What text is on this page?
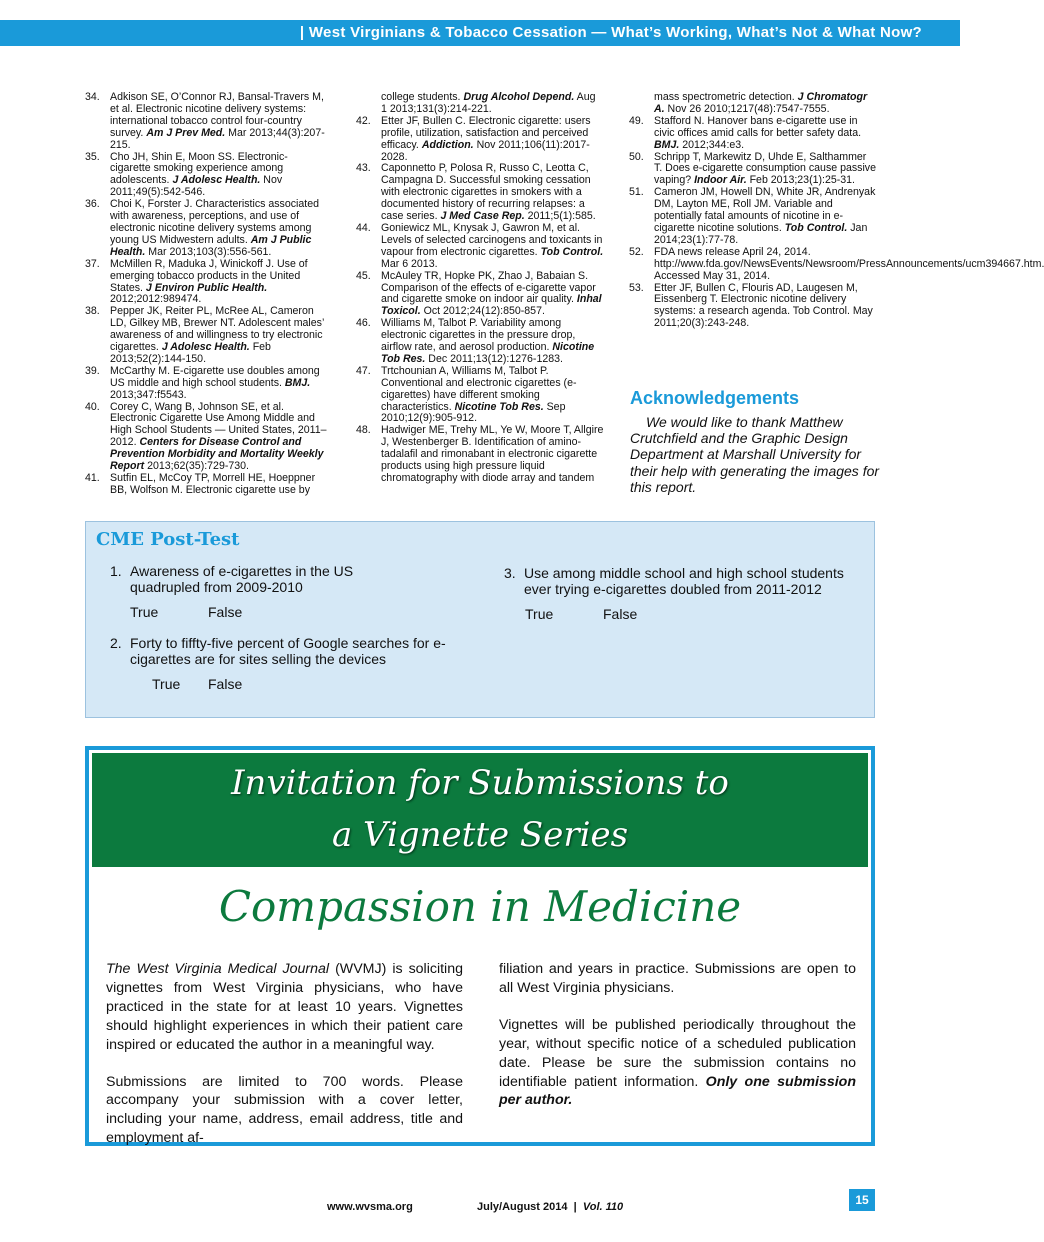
| West Virginians & Tobacco Cessation — What’s Working, What’s Not & What Now?
34. Adkison SE, O’Connor RJ, Bansal-Travers M, et al. Electronic nicotine delivery systems: international tobacco control four-country survey. Am J Prev Med. Mar 2013;44(3):207-215.
35. Cho JH, Shin E, Moon SS. Electronic-cigarette smoking experience among adolescents. J Adolesc Health. Nov 2011;49(5):542-546.
36. Choi K, Forster J. Characteristics associated with awareness, perceptions, and use of electronic nicotine delivery systems among young US Midwestern adults. Am J Public Health. Mar 2013;103(3):556-561.
37. McMillen R, Maduka J, Winickoff J. Use of emerging tobacco products in the United States. J Environ Public Health. 2012;2012:989474.
38. Pepper JK, Reiter PL, McRee AL, Cameron LD, Gilkey MB, Brewer NT. Adolescent males’ awareness of and willingness to try electronic cigarettes. J Adolesc Health. Feb 2013;52(2):144-150.
39. McCarthy M. E-cigarette use doubles among US middle and high school students. BMJ. 2013;347:f5543.
40. Corey C, Wang B, Johnson SE, et al. Electronic Cigarette Use Among Middle and High School Students — United States, 2011–2012. Centers for Disease Control and Prevention Morbidity and Mortality Weekly Report 2013;62(35):729-730.
41. Sutfin EL, McCoy TP, Morrell HE, Hoeppner BB, Wolfson M. Electronic cigarette use by
college students. Drug Alcohol Depend. Aug 1 2013;131(3):214-221.
42. Etter JF, Bullen C. Electronic cigarette: users profile, utilization, satisfaction and perceived efficacy. Addiction. Nov 2011;106(11):2017-2028.
43. Caponnetto P, Polosa R, Russo C, Leotta C, Campagna D. Successful smoking cessation with electronic cigarettes in smokers with a documented history of recurring relapses: a case series. J Med Case Rep. 2011;5(1):585.
44. Goniewicz ML, Knysak J, Gawron M, et al. Levels of selected carcinogens and toxicants in vapour from electronic cigarettes. Tob Control. Mar 6 2013.
45. McAuley TR, Hopke PK, Zhao J, Babaian S. Comparison of the effects of e-cigarette vapor and cigarette smoke on indoor air quality. Inhal Toxicol. Oct 2012;24(12):850-857.
46. Williams M, Talbot P. Variability among electronic cigarettes in the pressure drop, airflow rate, and aerosol production. Nicotine Tob Res. Dec 2011;13(12):1276-1283.
47. Trtchounian A, Williams M, Talbot P. Conventional and electronic cigarettes (e-cigarettes) have different smoking characteristics. Nicotine Tob Res. Sep 2010;12(9):905-912.
48. Hadwiger ME, Trehy ML, Ye W, Moore T, Allgire J, Westenberger B. Identification of amino-tadalafil and rimonabant in electronic cigarette products using high pressure liquid chromatography with diode array and tandem
mass spectrometric detection. J Chromatogr A. Nov 26 2010;1217(48):7547-7555.
49. Stafford N. Hanover bans e-cigarette use in civic offices amid calls for better safety data. BMJ. 2012;344:e3.
50. Schripp T, Markewitz D, Uhde E, Salthammer T. Does e-cigarette consumption cause passive vaping? Indoor Air. Feb 2013;23(1):25-31.
51. Cameron JM, Howell DN, White JR, Andrenyak DM, Layton ME, Roll JM. Variable and potentially fatal amounts of nicotine in e-cigarette nicotine solutions. Tob Control. Jan 2014;23(1):77-78.
52. FDA news release April 24, 2014. http://www.fda.gov/NewsEvents/Newsroom/PressAnnouncements/ucm394667.htm. Accessed May 31, 2014.
53. Etter JF, Bullen C, Flouris AD, Laugesen M, Eissenberg T. Electronic nicotine delivery systems: a research agenda. Tob Control. May 2011;20(3):243-248.
Acknowledgements

We would like to thank Matthew Crutchfield and the Graphic Design Department at Marshall University for their help with generating the images for this report.

CME Post-Test
1. Awareness of e-cigarettes in the US quadrupled from 2009-2010
True	False
2. Forty to fiffty-five percent of Google searches for e-cigarettes are for sites selling the devices
True False
3. Use among middle school and high school students ever trying e-cigarettes doubled from 2011-2012
True	False
Invitation for Submissions to
a Vignette Series
Compassion in Medicine

The West Virginia Medical Journal (WVMJ) is soliciting vignettes from West Virginia physicians, who have practiced in the state for at least 10 years. Vignettes should highlight experiences in which their patient care inspired or educated the author in a meaningful way.

Submissions are limited to 700 words. Please accompany your submission with a cover letter, including your name, address, email address, title and employment af-

filiation and years in practice. Submissions are open to all West Virginia physicians.

Vignettes will be published periodically throughout the year, without specific notice of a scheduled publication date. Please be sure the submission contains no identifiable patient information. Only one submission per author.

www.wvsma.org	July/August 2014 | Vol. 110	15
